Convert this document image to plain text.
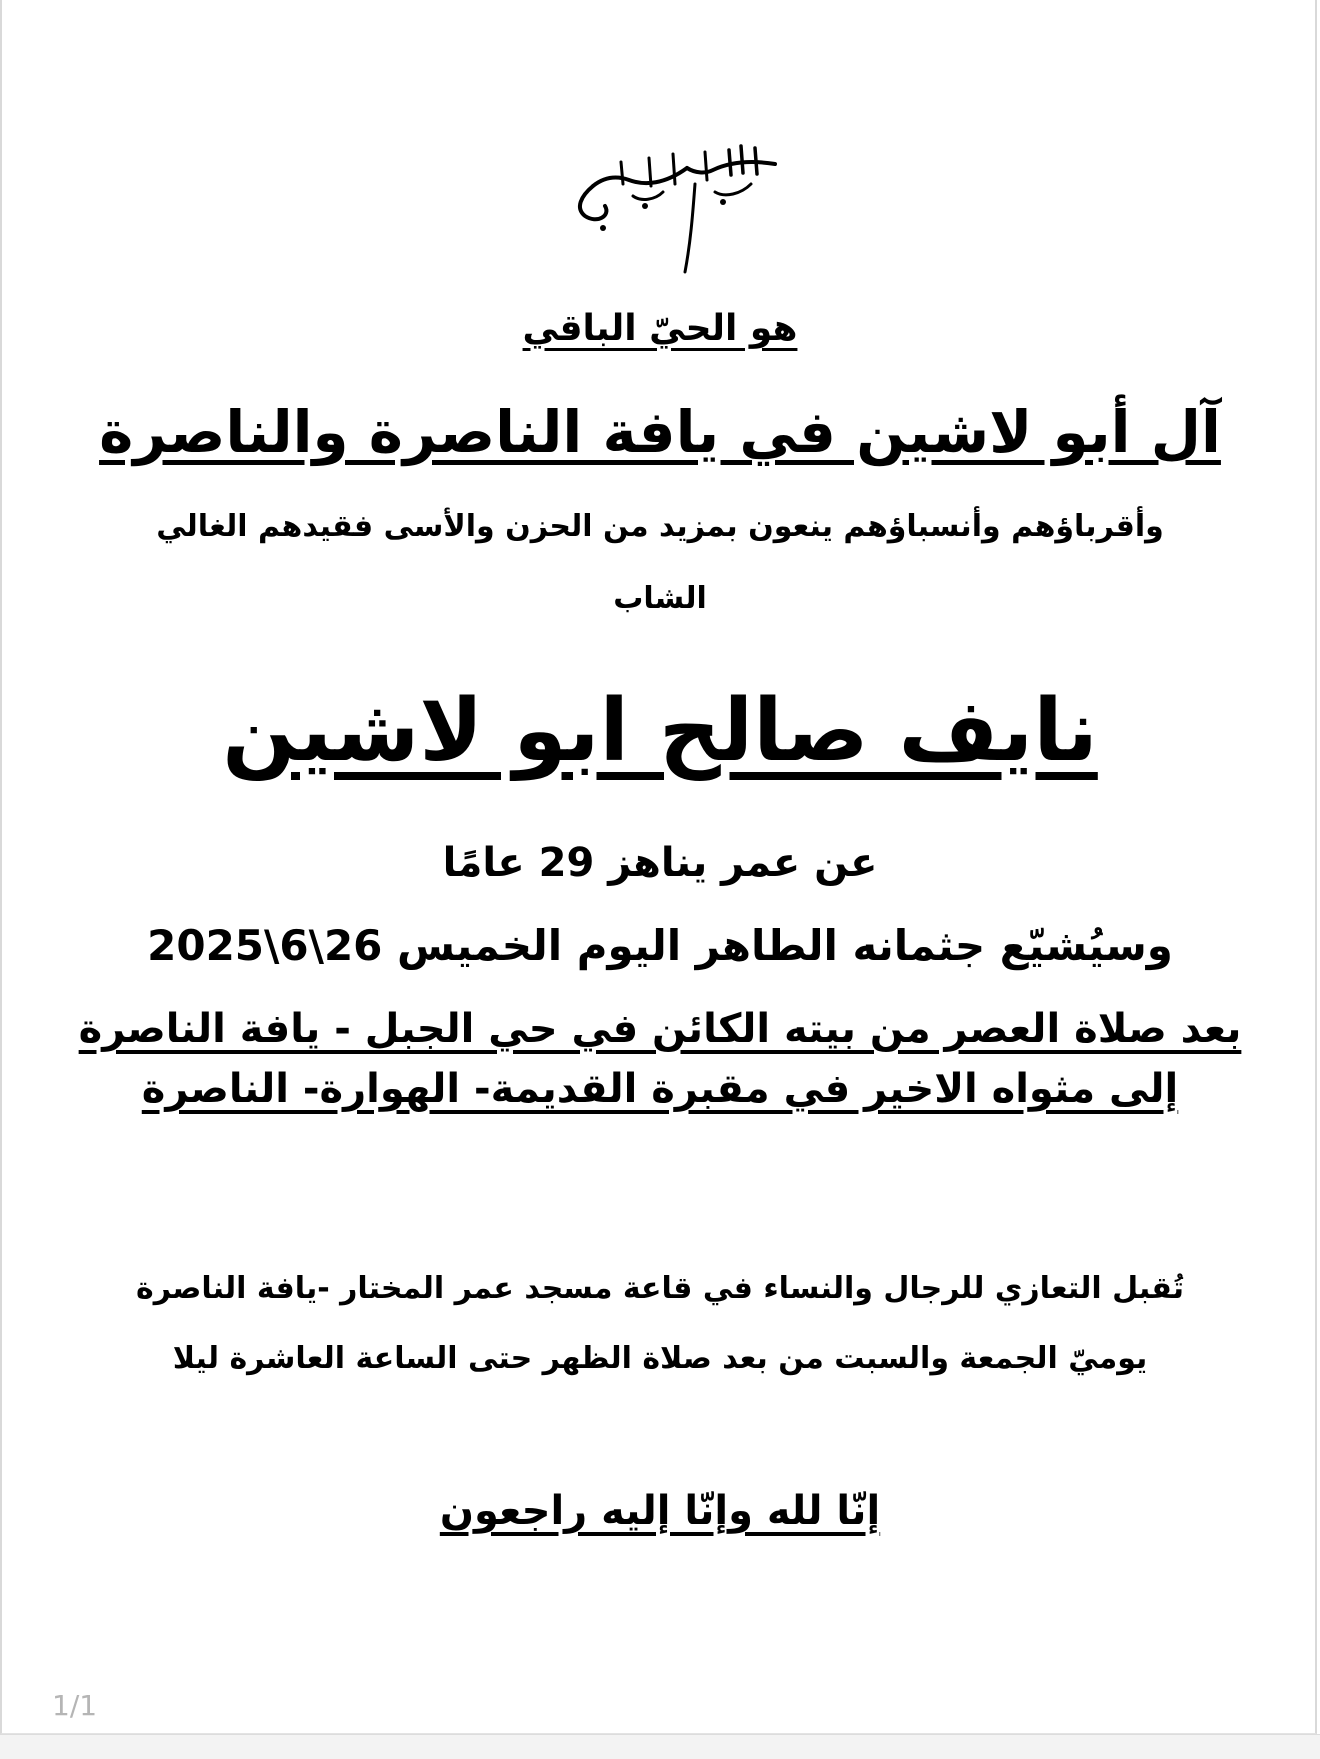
هو الحيّ الباقي
آل أبو لاشين في يافة الناصرة والناصرة
وأقرباؤهم وأنسباؤهم ينعون بمزيد من الحزن والأسى فقيدهم الغالي
الشاب
نايف صالح ابو لاشين
عن عمر يناهز 29 عامًا
وسيُشيّع جثمانه الطاهر اليوم الخميس 26\6\2025
بعد صلاة العصر من بيته الكائن في حي الجبل - يافة الناصرة
إلى مثواه الاخير في مقبرة القديمة- الهوارة- الناصرة
تُقبل التعازي للرجال والنساء في قاعة مسجد عمر المختار -يافة الناصرة
يوميّ الجمعة والسبت من بعد صلاة الظهر حتى الساعة العاشرة ليلا
إنّا لله وإنّا إليه راجعون
1/1
